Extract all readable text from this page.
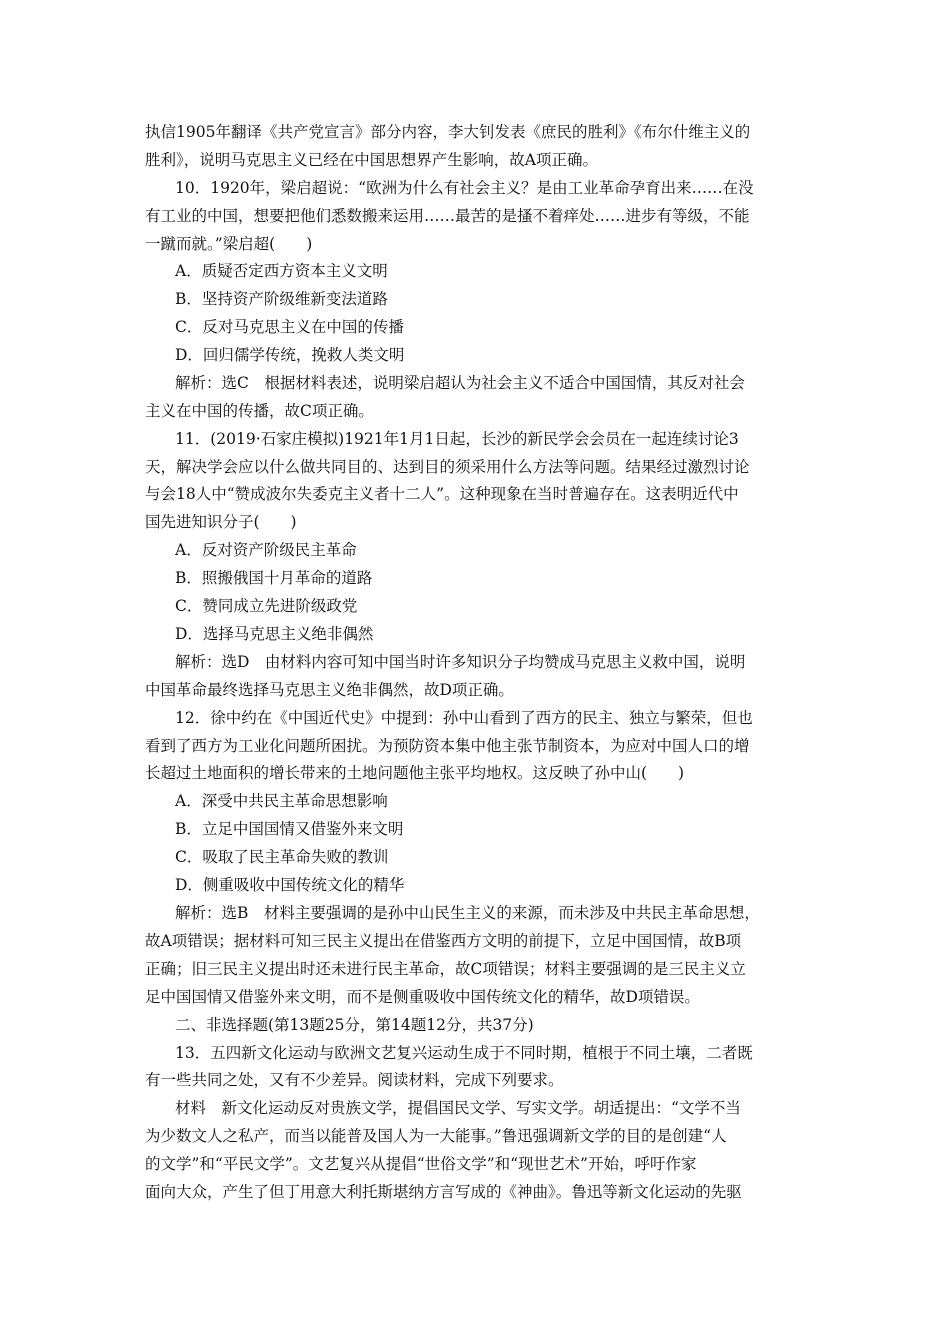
执信1905年翻译《共产党宣言》部分内容，李大钊发表《庶民的胜利》《布尔什维主义的
胜利》，说明马克思主义已经在中国思想界产生影响，故A项正确。
10．1920年，梁启超说：“欧洲为什么有社会主义？是由工业革命孕育出来……在没
有工业的中国，想要把他们悉数搬来运用……最苦的是搔不着痒处……进步有等级，不能
一蹴而就。”梁启超(　　)
A．质疑否定西方资本主义文明
B．坚持资产阶级维新变法道路
C．反对马克思主义在中国的传播
D．回归儒学传统，挽救人类文明
解析：选C　根据材料表述，说明梁启超认为社会主义不适合中国国情，其反对社会
主义在中国的传播，故C项正确。
11．(2019·石家庄模拟)1921年1月1日起，长沙的新民学会会员在一起连续讨论3
天，解决学会应以什么做共同目的、达到目的须采用什么方法等问题。结果经过激烈讨论
与会18人中“赞成波尔失委克主义者十二人”。这种现象在当时普遍存在。这表明近代中
国先进知识分子(　　)
A．反对资产阶级民主革命
B．照搬俄国十月革命的道路
C．赞同成立先进阶级政党
D．选择马克思主义绝非偶然
解析：选D　由材料内容可知中国当时许多知识分子均赞成马克思主义救中国，说明
中国革命最终选择马克思主义绝非偶然，故D项正确。
12．徐中约在《中国近代史》中提到：孙中山看到了西方的民主、独立与繁荣，但也
看到了西方为工业化问题所困扰。为预防资本集中他主张节制资本，为应对中国人口的增
长超过土地面积的增长带来的土地问题他主张平均地权。这反映了孙中山(　　)
A．深受中共民主革命思想影响
B．立足中国国情又借鉴外来文明
C．吸取了民主革命失败的教训
D．侧重吸收中国传统文化的精华
解析：选B　材料主要强调的是孙中山民生主义的来源，而未涉及中共民主革命思想，
故A项错误；据材料可知三民主义提出在借鉴西方文明的前提下，立足中国国情，故B项
正确；旧三民主义提出时还未进行民主革命，故C项错误；材料主要强调的是三民主义立
足中国国情又借鉴外来文明，而不是侧重吸收中国传统文化的精华，故D项错误。
二、非选择题(第13题25分，第14题12分，共37分)
13．五四新文化运动与欧洲文艺复兴运动生成于不同时期，植根于不同土壤，二者既
有一些共同之处，又有不少差异。阅读材料，完成下列要求。
材料　新文化运动反对贵族文学，提倡国民文学、写实文学。胡适提出：“文学不当
为少数文人之私产，而当以能普及国人为一大能事。”鲁迅强调新文学的目的是创建“人
的文学”和“平民文学”。文艺复兴从提倡“世俗文学”和“现世艺术”开始，呼吁作家
面向大众，产生了但丁用意大利托斯堪纳方言写成的《神曲》。鲁迅等新文化运动的先驱
